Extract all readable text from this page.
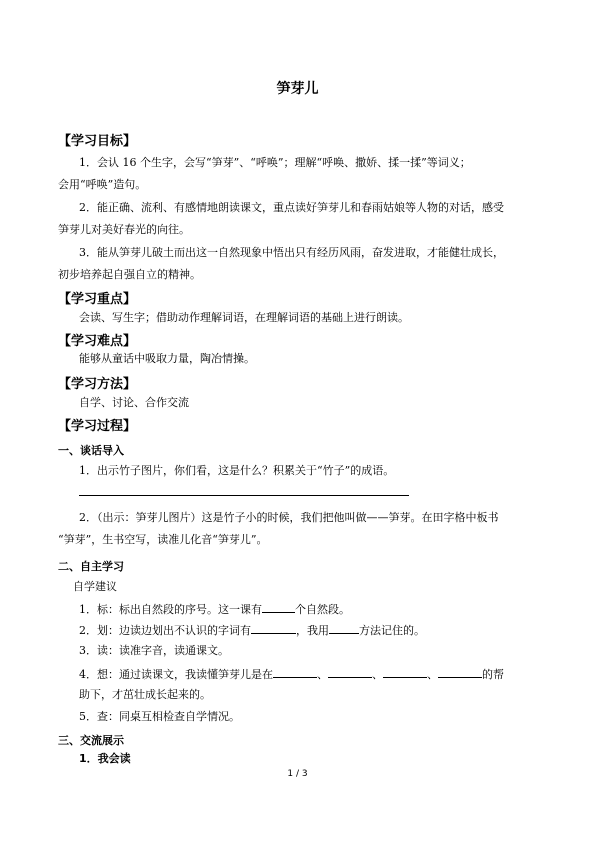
笋芽儿
【学习目标】
1．会认 16 个生字，会写“笋芽”、“呼唤”；理解“呼唤、撒娇、揉一揉”等词义；
会用“呼唤”造句。
2．能正确、流利、有感情地朗读课文，重点读好笋芽儿和春雨姑娘等人物的对话，感受
笋芽儿对美好春光的向往。
3．能从笋芽儿破土而出这一自然现象中悟出只有经历风雨，奋发进取，才能健壮成长，
初步培养起自强自立的精神。
【学习重点】
会读、写生字；借助动作理解词语，在理解词语的基础上进行朗读。
【学习难点】
能够从童话中吸取力量，陶冶情操。
【学习方法】
自学、讨论、合作交流
【学习过程】
一、谈话导入
1．出示竹子图片，你们看，这是什么？积累关于“竹子”的成语。
2．（出示：笋芽儿图片）这是竹子小的时候，我们把他叫做——笋芽。在田字格中板书
“笋芽”，生书空写，读准儿化音“笋芽儿”。
二、自主学习
自学建议
1．标：标出自然段的序号。这一课有	个自然段。
2．划：边读边划出不认识的字词有	，我用	方法记住的。
3．读：读准字音，读通课文。
4．想：通过读课文，我读懂笋芽儿是在	、	、	、	的帮
助下，才茁壮成长起来的。
5．查：同桌互相检查自学情况。
三、交流展示
1．我会读
1 / 3
